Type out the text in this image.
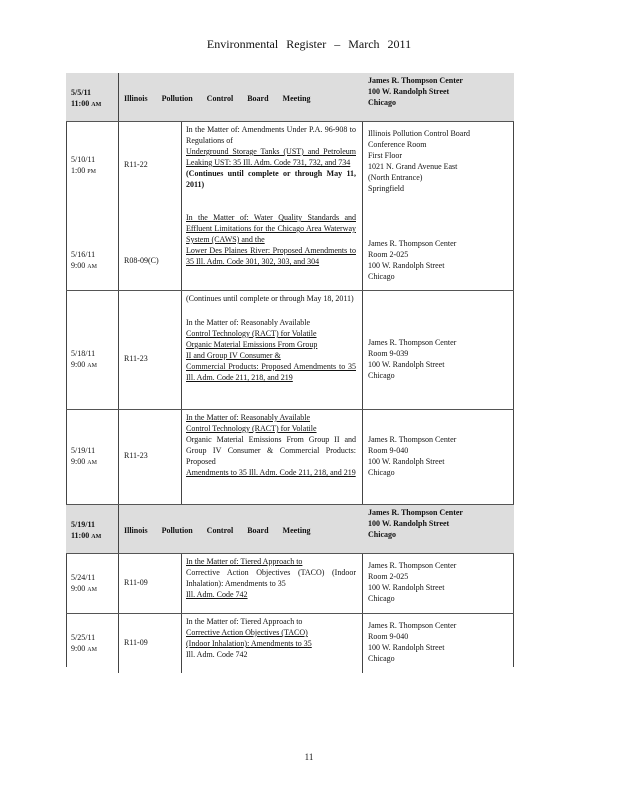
Environmental Register – March 2011
5/5/11
11:00 AM
Illinois Pollution Control Board Meeting
James R. Thompson Center
100 W. Randolph Street
Chicago
5/10/11
1:00 PM
R11-22
In the Matter of: Amendments Under P.A. 96-908 to Regulations of
Underground Storage Tanks (UST) and Petroleum Leaking UST: 35 Ill. Adm. Code 731, 732, and 734
(Continues until complete or through May 11, 2011)
Illinois Pollution Control Board Conference Room
First Floor
1021 N. Grand Avenue East
(North Entrance)
Springfield
5/16/11
9:00 AM
R08-09(C)
In the Matter of: Water Quality Standards and Effluent Limitations for the Chicago Area Waterway System (CAWS) and the
Lower Des Plaines River: Proposed Amendments to 35 Ill. Adm. Code 301, 302, 303, and 304
James R. Thompson Center
Room 2-025
100 W. Randolph Street
Chicago
(Continues until complete or through May 18, 2011)
5/18/11
9:00 AM
R11-23
In the Matter of: Reasonably Available
Control Technology (RACT) for Volatile
Organic Material Emissions From Group
II and Group IV Consumer &
Commercial Products: Proposed Amendments to 35 Ill. Adm. Code 211, 218, and 219
James R. Thompson Center
Room 9-039
100 W. Randolph Street
Chicago
5/19/11
9:00 AM
R11-23
In the Matter of: Reasonably Available
Control Technology (RACT) for Volatile
Organic Material Emissions From Group II and Group IV Consumer & Commercial Products: Proposed
Amendments to 35 Ill. Adm. Code 211, 218, and 219
James R. Thompson Center
Room 9-040
100 W. Randolph Street
Chicago
5/19/11
11:00 AM
Illinois Pollution Control Board Meeting
James R. Thompson Center
100 W. Randolph Street
Chicago
5/24/11
9:00 AM
R11-09
In the Matter of: Tiered Approach to
Corrective Action Objectives (TACO) (Indoor Inhalation): Amendments to 35
Ill. Adm. Code 742
James R. Thompson Center
Room 2-025
100 W. Randolph Street
Chicago
5/25/11
9:00 AM
R11-09
In the Matter of: Tiered Approach to
Corrective Action Objectives (TACO)
(Indoor Inhalation): Amendments to 35
Ill. Adm. Code 742
James R. Thompson Center
Room 9-040
100 W. Randolph Street
Chicago
11
